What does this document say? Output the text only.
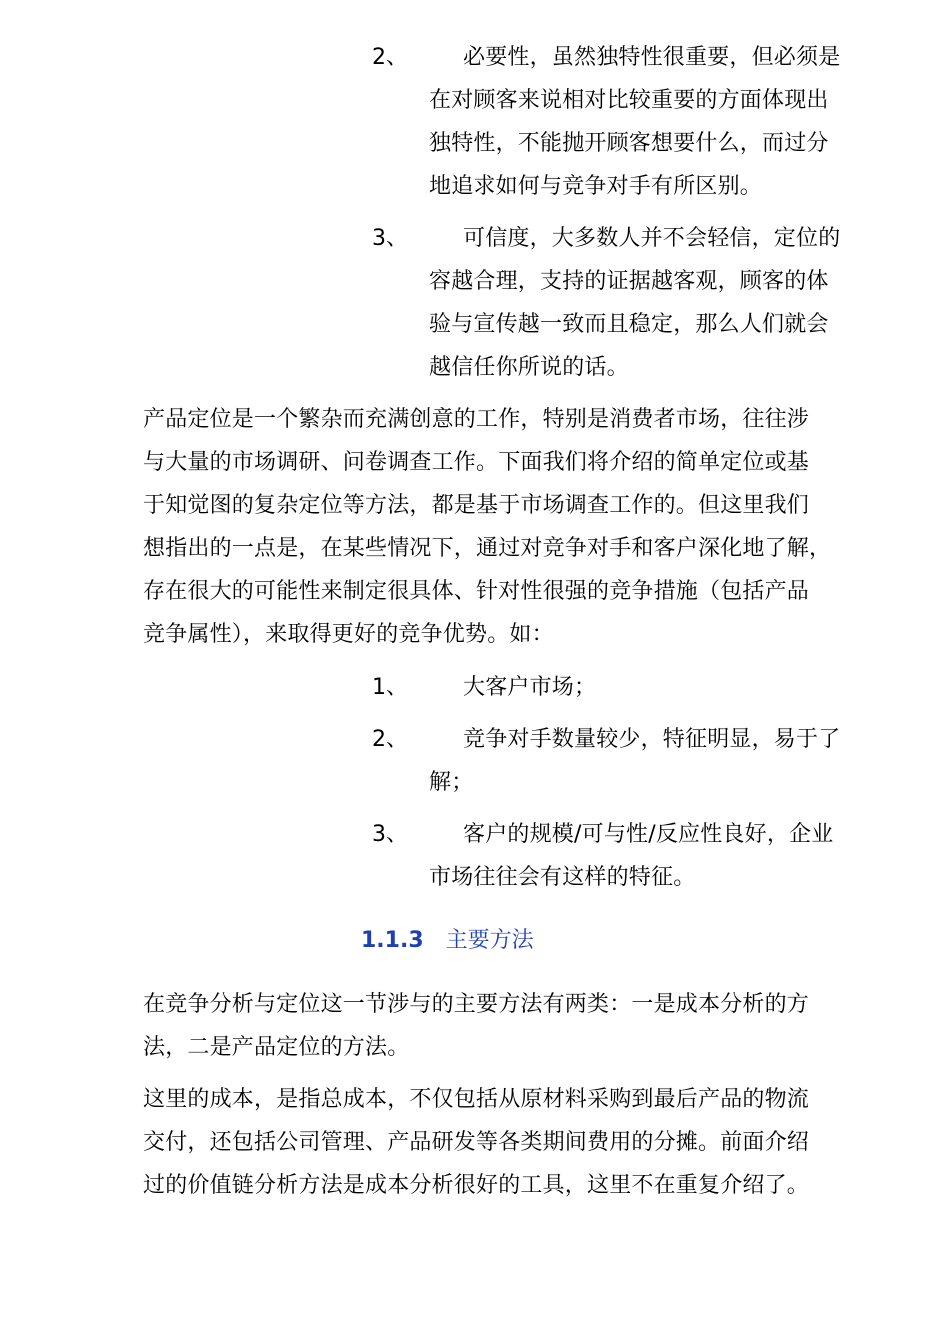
2、	必要性，虽然独特性很重要，但必须是
在对顾客来说相对比较重要的方面体现出
独特性，不能抛开顾客想要什么，而过分
地追求如何与竞争对手有所区别。
3、	可信度，大多数人并不会轻信，定位的
容越合理，支持的证据越客观，顾客的体
验与宣传越一致而且稳定，那么人们就会
越信任你所说的话。
产品定位是一个繁杂而充满创意的工作，特别是消费者市场，往往涉
与大量的市场调研、问卷调查工作。下面我们将介绍的简单定位或基
于知觉图的复杂定位等方法，都是基于市场调查工作的。但这里我们
想指出的一点是，在某些情况下，通过对竞争对手和客户深化地了解，
存在很大的可能性来制定很具体、针对性很强的竞争措施（包括产品
竞争属性），来取得更好的竞争优势。如：
1、	大客户市场；
2、	竞争对手数量较少，特征明显，易于了
解；
3、	客户的规模/可与性/反应性良好，企业
市场往往会有这样的特征。
1.1.3 主要方法
在竞争分析与定位这一节涉与的主要方法有两类：一是成本分析的方
法，二是产品定位的方法。
这里的成本，是指总成本，不仅包括从原材料采购到最后产品的物流
交付，还包括公司管理、产品研发等各类期间费用的分摊。前面介绍
过的价值链分析方法是成本分析很好的工具，这里不在重复介绍了。
